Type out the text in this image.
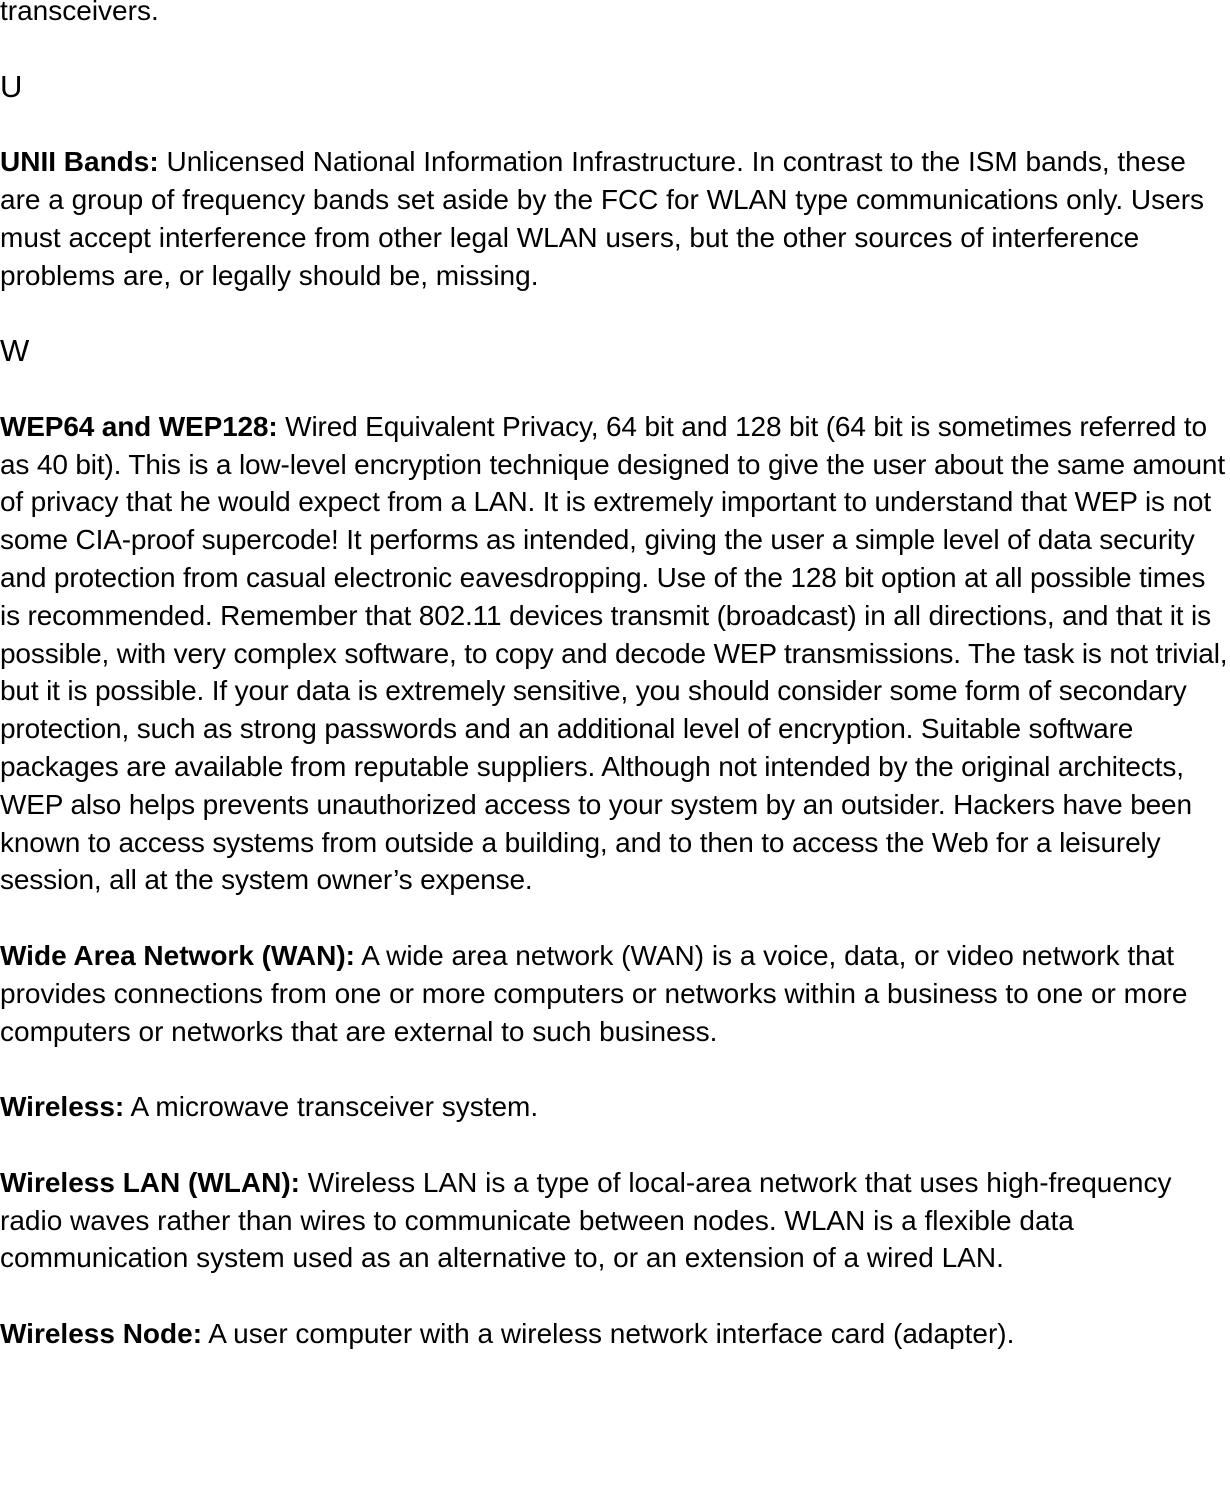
transceivers.

U

UNII Bands: Unlicensed National Information Infrastructure. In contrast to the ISM bands, these are a group of frequency bands set aside by the FCC for WLAN type communications only. Users must accept interference from other legal WLAN users, but the other sources of interference problems are, or legally should be, missing.

W

WEP64 and WEP128: Wired Equivalent Privacy, 64 bit and 128 bit (64 bit is sometimes referred to as 40 bit). This is a low-level encryption technique designed to give the user about the same amount of privacy that he would expect from a LAN. It is extremely important to understand that WEP is not some CIA-proof supercode! It performs as intended, giving the user a simple level of data security and protection from casual electronic eavesdropping. Use of the 128 bit option at all possible times is recommended. Remember that 802.11 devices transmit (broadcast) in all directions, and that it is possible, with very complex software, to copy and decode WEP transmissions. The task is not trivial, but it is possible. If your data is extremely sensitive, you should consider some form of secondary protection, such as strong passwords and an additional level of encryption. Suitable software packages are available from reputable suppliers. Although not intended by the original architects, WEP also helps prevents unauthorized access to your system by an outsider. Hackers have been known to access systems from outside a building, and to then to access the Web for a leisurely session, all at the system owner’s expense.

Wide Area Network (WAN): A wide area network (WAN) is a voice, data, or video network that provides connections from one or more computers or networks within a business to one or more computers or networks that are external to such business.

Wireless: A microwave transceiver system.

Wireless LAN (WLAN): Wireless LAN is a type of local-area network that uses high-frequency radio waves rather than wires to communicate between nodes. WLAN is a flexible data communication system used as an alternative to, or an extension of a wired LAN.

Wireless Node: A user computer with a wireless network interface card (adapter).
